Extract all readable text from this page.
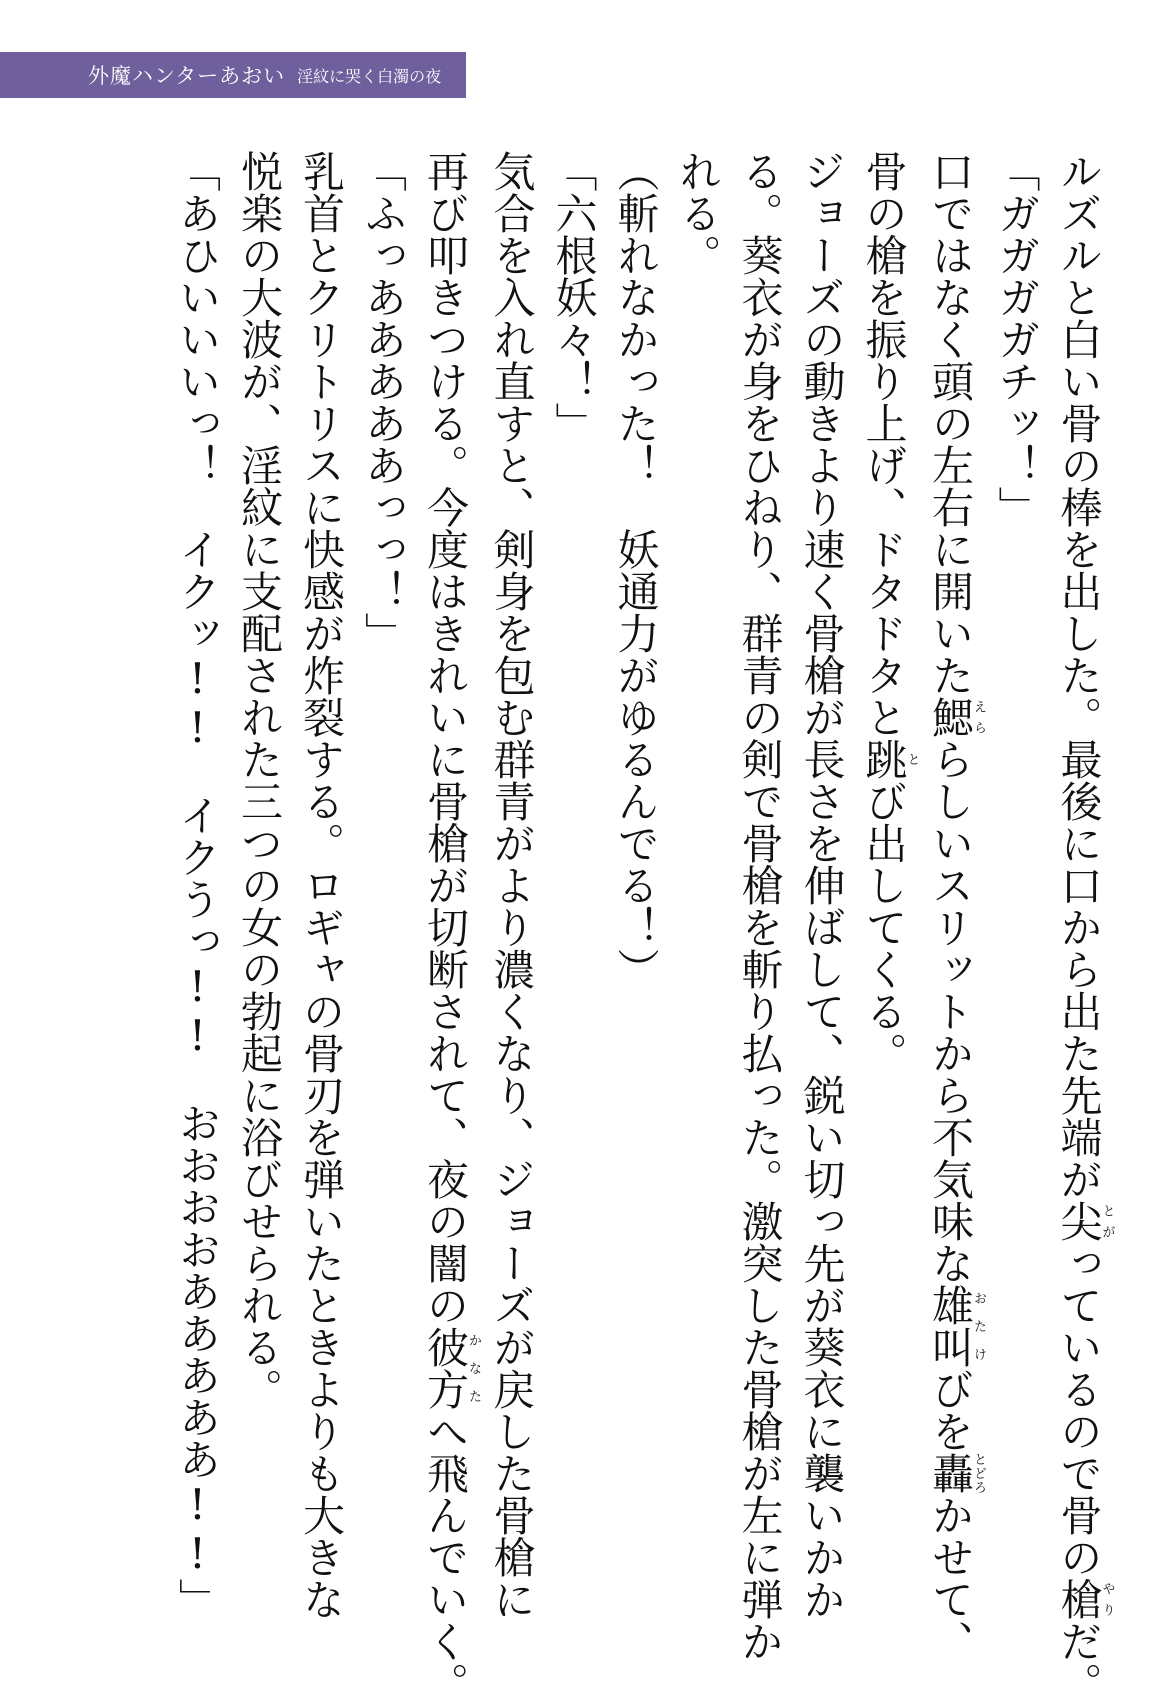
外魔ハンターあおい 淫紋に哭く白濁の夜
ルズルと白い骨の棒を出した。最後に口から出た先端が尖とがっているので骨の槍やりだ。
「ガガガガチッ！」
口ではなく頭の左右に開いた鰓えららしいスリットから不気味な雄叫おたけびを轟とどろかせて、
骨の槍を振り上げ、ドタドタと跳とび出してくる。
ジョーズの動きより速く骨槍が長さを伸ばして、鋭い切っ先が葵衣に襲いかか
る。葵衣が身をひねり、群青の剣で骨槍を斬り払った。激突した骨槍が左に弾か
れる。
（斬れなかった！　妖通力がゆるんでる！）
「六根妖々！」
気合を入れ直すと、剣身を包む群青がより濃くなり、ジョーズが戻した骨槍に
再び叩きつける。今度はきれいに骨槍が切断されて、夜の闇の彼方かなたへ飛んでいく。
「ふっあああああっっ！」
乳首とクリトリスに快感が炸裂する。ロギャの骨刃を弾いたときよりも大きな
悦楽の大波が、淫紋に支配された三つの女の勃起に浴びせられる。
「あひいいいっ！　イクッ!!　イクうっ!!　おおおおあああああ!!」
